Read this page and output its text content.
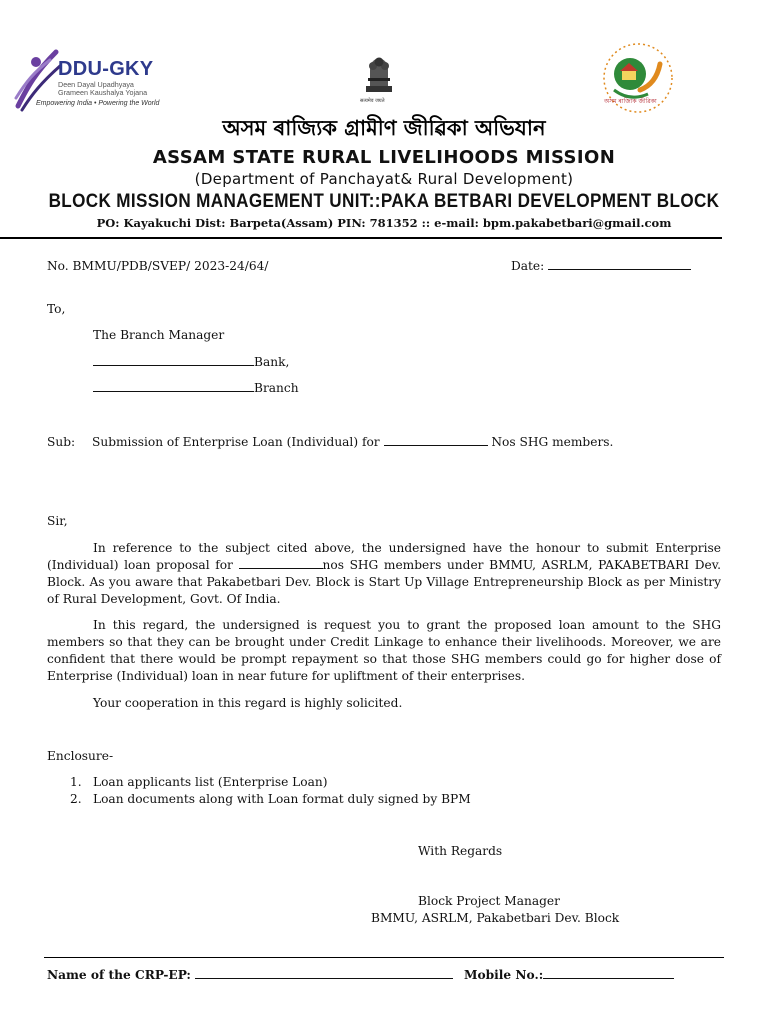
DDU-GKY
Deen Dayal Upadhyaya
Grameen Kaushalya Yojana
Empowering India • Powering the World	सत्यमेव जयते	অসম ৰাজ্যিক জীৱিকা
অসম ৰাজ্যিক গ্ৰামীণ জীৱিকা অভিযান
ASSAM STATE RURAL LIVELIHOODS MISSION
(Department of Panchayat& Rural Development)
BLOCK MISSION MANAGEMENT UNIT::PAKA BETBARI DEVELOPMENT BLOCK
PO: Kayakuchi Dist: Barpeta(Assam) PIN: 781352 :: e-mail: bpm.pakabetbari@gmail.com
No. BMMU/PDB/SVEP/ 2023-24/64/	Date:
To,
The Branch Manager
Bank,
Branch
Sub: Submission of Enterprise Loan (Individual) for	Nos SHG members.
Sir,
In reference to the subject cited above, the undersigned have the honour to submit Enterprise (Individual) loan proposal for	nos SHG members under BMMU, ASRLM, PAKABETBARI Dev. Block. As you aware that Pakabetbari Dev. Block is Start Up Village Entrepreneurship Block as per Ministry of Rural Development, Govt. Of India.
In this regard, the undersigned is request you to grant the proposed loan amount to the SHG members so that they can be brought under Credit Linkage to enhance their livelihoods. Moreover, we are confident that there would be prompt repayment so that those SHG members could go for higher dose of Enterprise (Individual) loan in near future for upliftment of their enterprises.
Your cooperation in this regard is highly solicited.
Enclosure-
1. Loan applicants list (Enterprise Loan)
2. Loan documents along with Loan format duly signed by BPM
With Regards
Block Project Manager
BMMU, ASRLM, Pakabetbari Dev. Block
Name of the CRP-EP:	Mobile No.:
